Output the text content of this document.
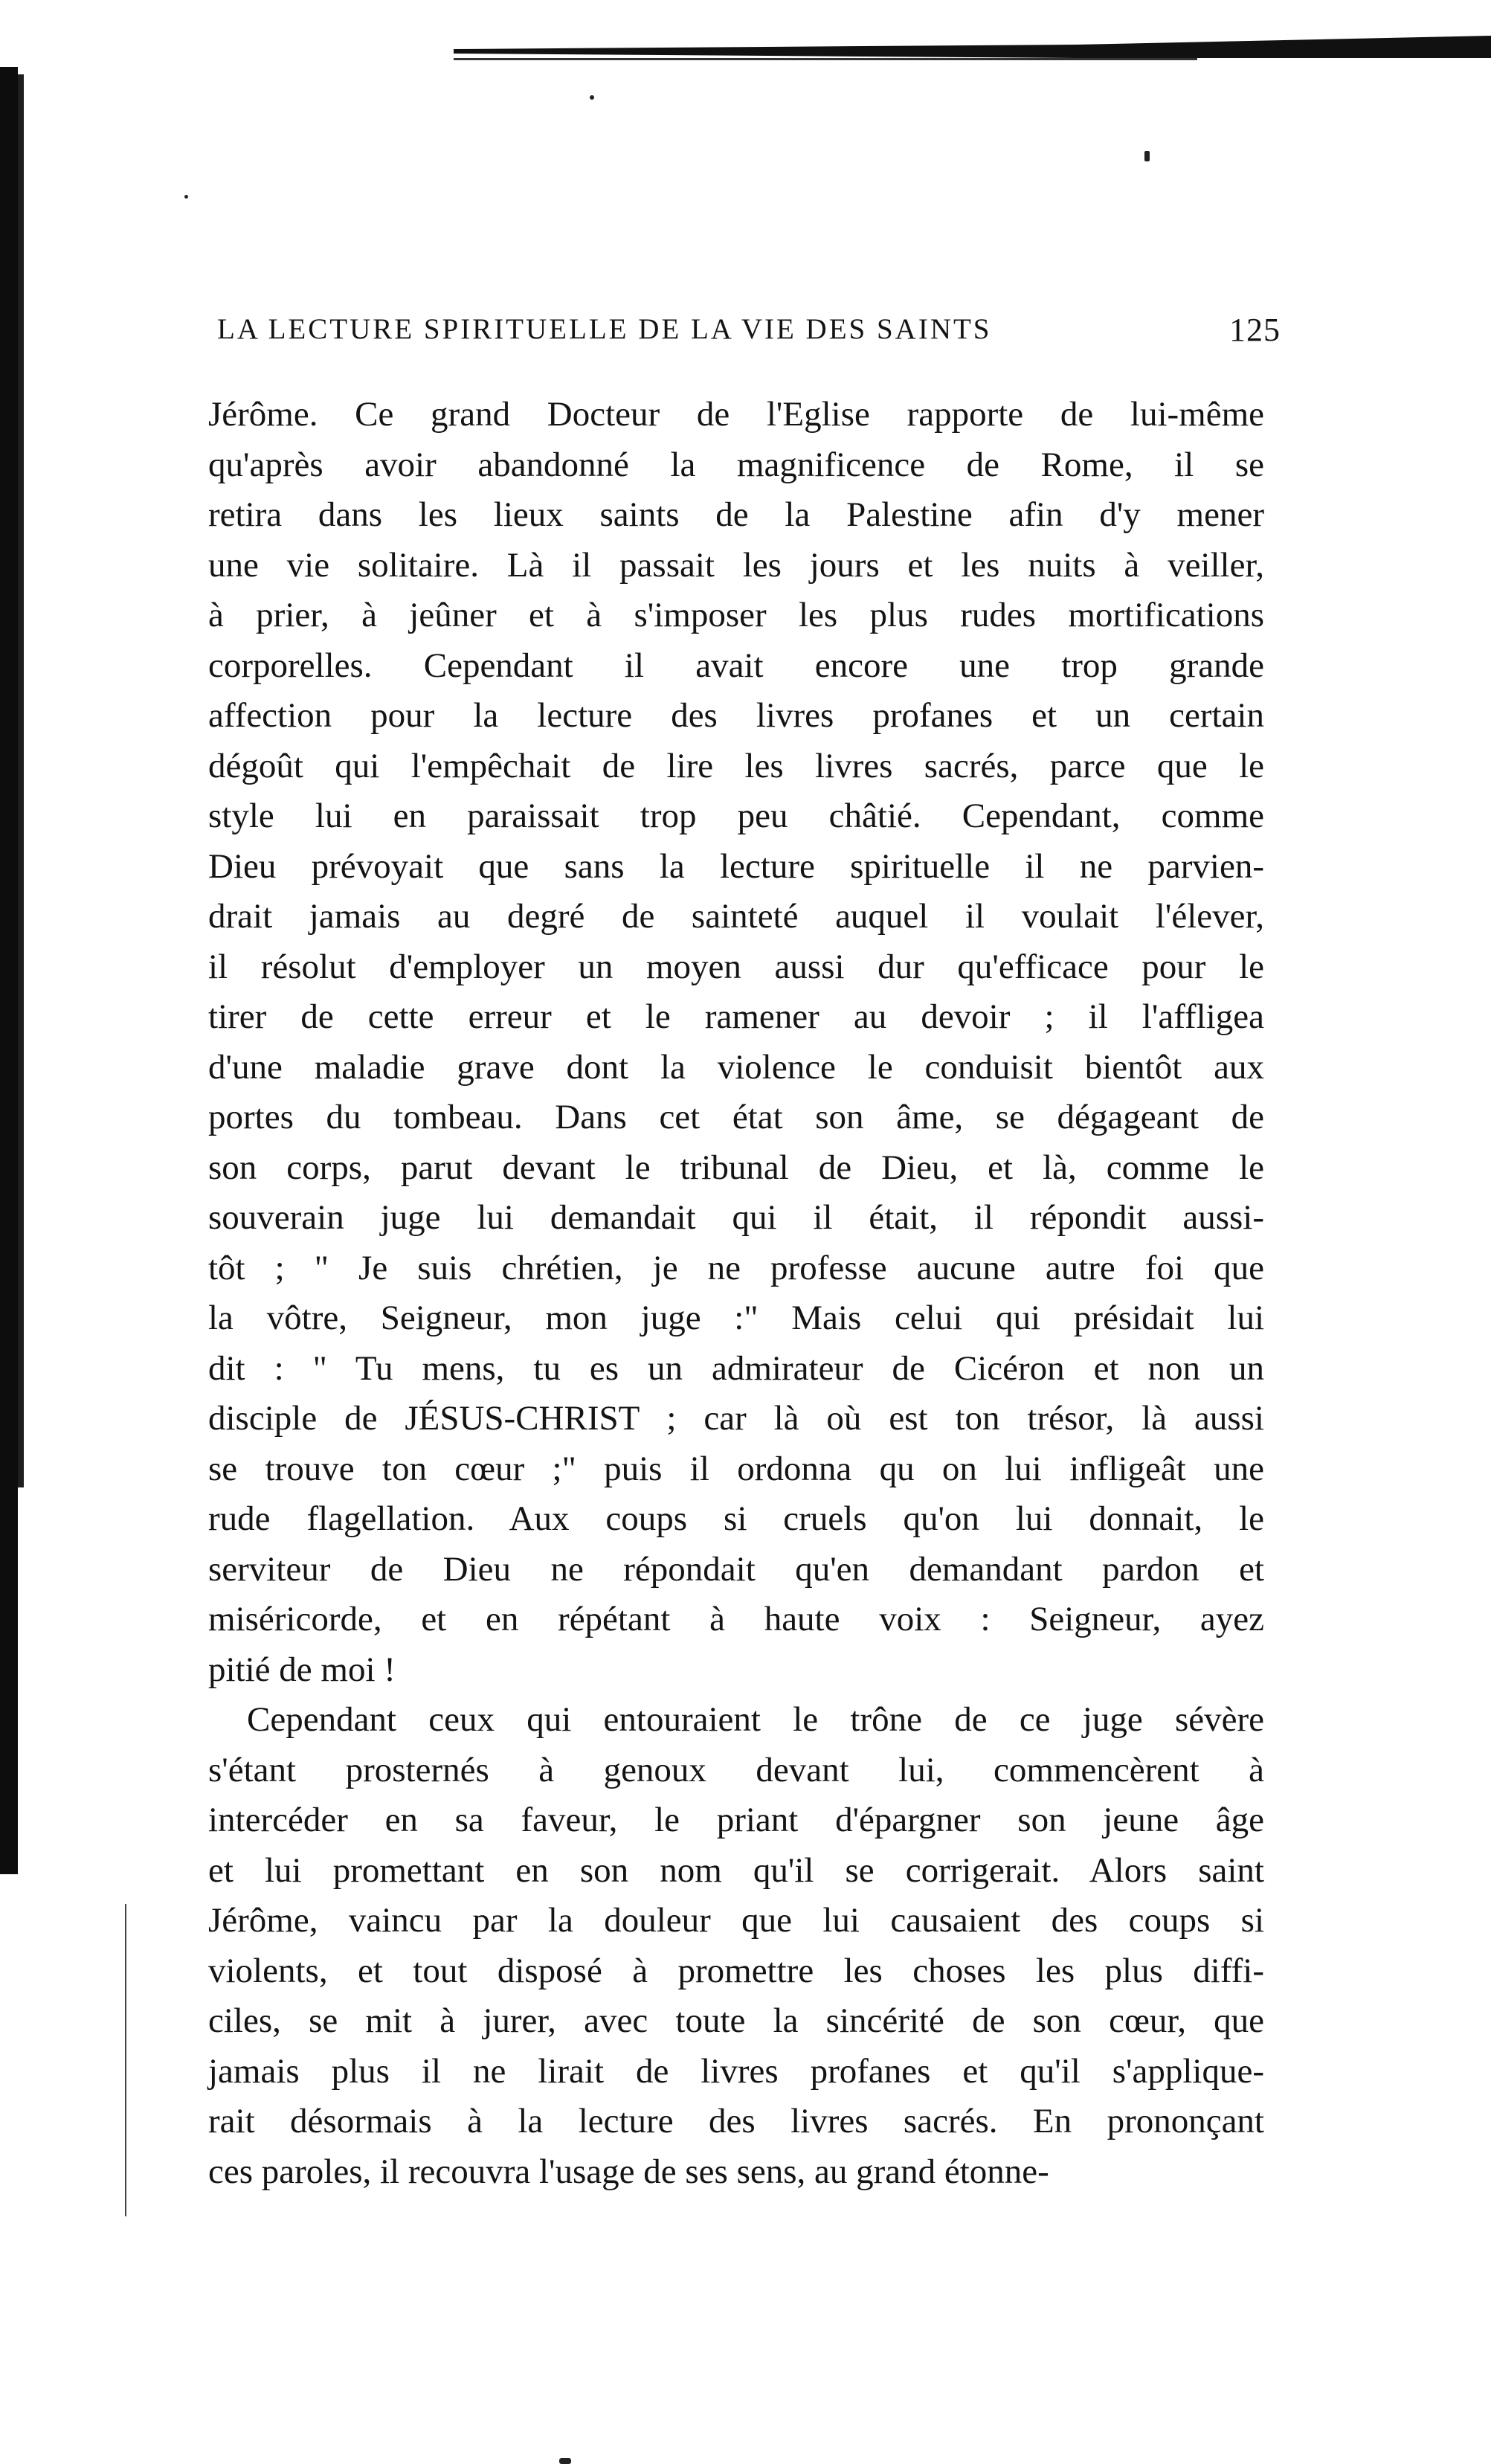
LA LECTURE SPIRITUELLE DE LA VIE DES SAINTS	125
Jérôme. Ce grand Docteur de l'Eglise rapporte de lui-même
qu'après avoir abandonné la magnificence de Rome, il se
retira dans les lieux saints de la Palestine afin d'y mener
une vie solitaire. Là il passait les jours et les nuits à veiller,
à prier, à jeûner et à s'imposer les plus rudes mortifications
corporelles. Cependant il avait encore une trop grande
affection pour la lecture des livres profanes et un certain
dégoût qui l'empêchait de lire les livres sacrés, parce que le
style lui en paraissait trop peu châtié. Cependant, comme
Dieu prévoyait que sans la lecture spirituelle il ne parvien-
drait jamais au degré de sainteté auquel il voulait l'élever,
il résolut d'employer un moyen aussi dur qu'efficace pour le
tirer de cette erreur et le ramener au devoir ; il l'affligea
d'une maladie grave dont la violence le conduisit bientôt aux
portes du tombeau. Dans cet état son âme, se dégageant de
son corps, parut devant le tribunal de Dieu, et là, comme le
souverain juge lui demandait qui il était, il répondit aussi-
tôt ; " Je suis chrétien, je ne professe aucune autre foi que
la vôtre, Seigneur, mon juge :" Mais celui qui présidait lui
dit : " Tu mens, tu es un admirateur de Cicéron et non un
disciple de JÉSUS-CHRIST ; car là où est ton trésor, là aussi
se trouve ton cœur ;" puis il ordonna qu on lui infligeât une
rude flagellation. Aux coups si cruels qu'on lui donnait, le
serviteur de Dieu ne répondait qu'en demandant pardon et
miséricorde, et en répétant à haute voix : Seigneur, ayez
pitié de moi !
Cependant ceux qui entouraient le trône de ce juge sévère
s'étant prosternés à genoux devant lui, commencèrent à
intercéder en sa faveur, le priant d'épargner son jeune âge
et lui promettant en son nom qu'il se corrigerait. Alors saint
Jérôme, vaincu par la douleur que lui causaient des coups si
violents, et tout disposé à promettre les choses les plus diffi-
ciles, se mit à jurer, avec toute la sincérité de son cœur, que
jamais plus il ne lirait de livres profanes et qu'il s'applique-
rait désormais à la lecture des livres sacrés. En prononçant
ces paroles, il recouvra l'usage de ses sens, au grand étonne-
